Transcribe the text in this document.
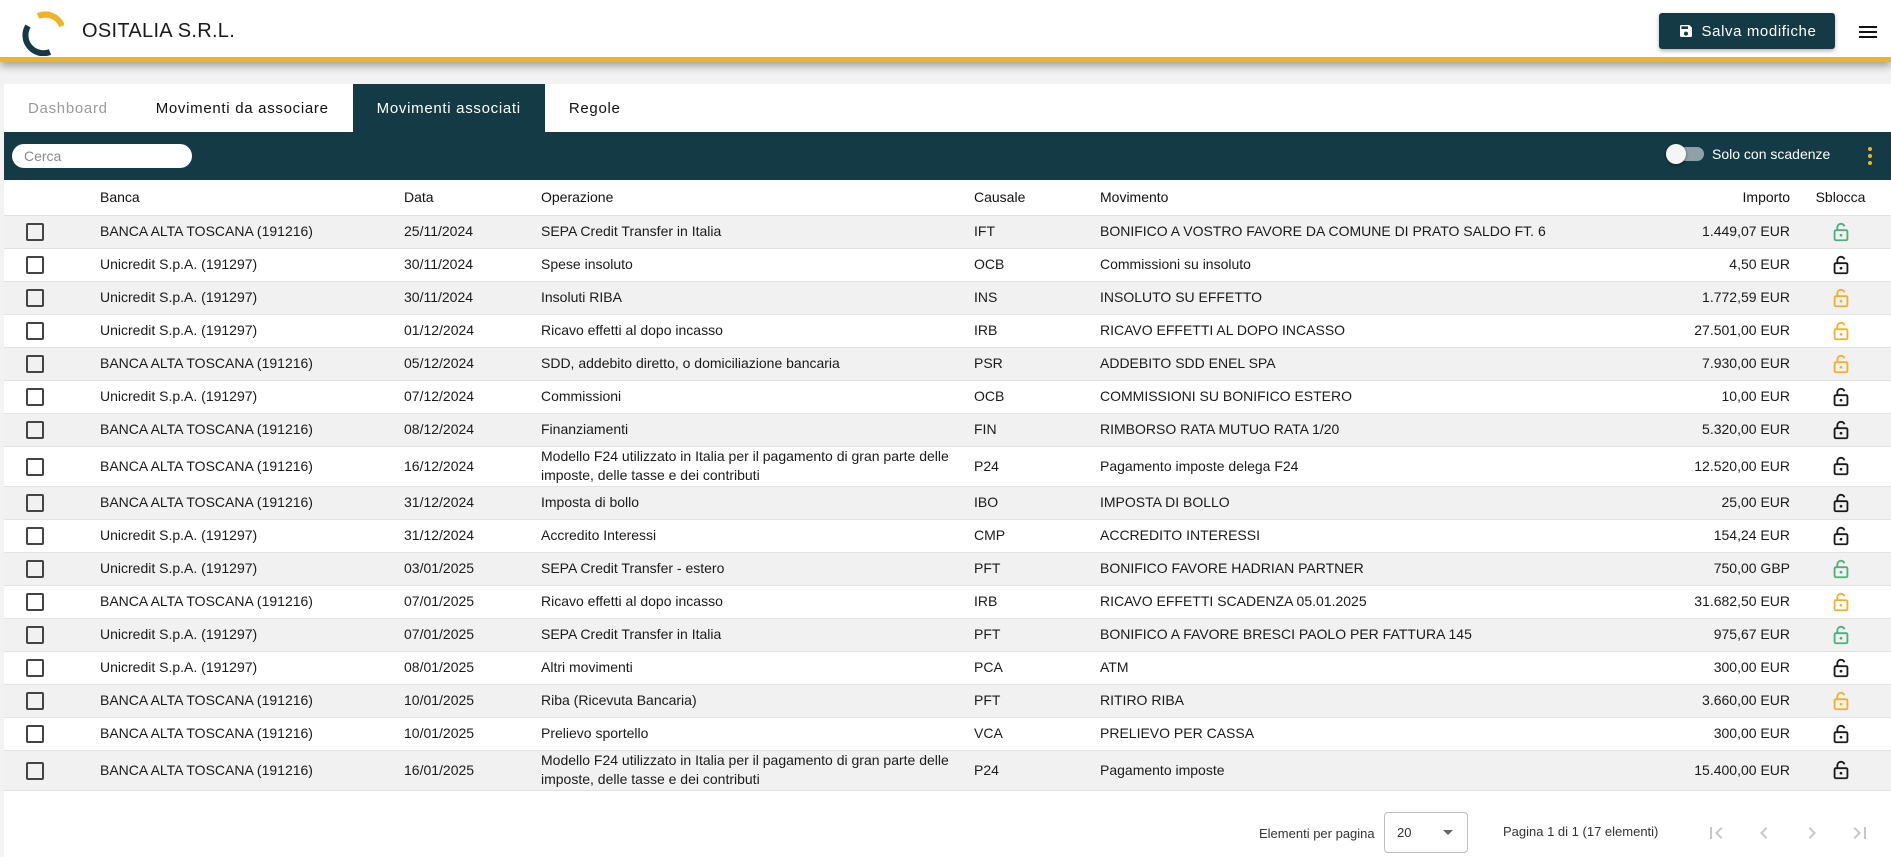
OSITALIA S.R.L.	Salva modifiche
Dashboard	Movimenti da associare	Movimenti associati	Regole
Cerca
Solo con scadenze
	Banca	Data	Operazione	Causale	Movimento	Importo	Sblocca
	BANCA ALTA TOSCANA (191216)	25/11/2024	SEPA Credit Transfer in Italia	IFT	BONIFICO A VOSTRO FAVORE DA COMUNE DI PRATO SALDO FT. 6	1.449,07 EUR	
	Unicredit S.p.A. (191297)	30/11/2024	Spese insoluto	OCB	Commissioni su insoluto	4,50 EUR	
	Unicredit S.p.A. (191297)	30/11/2024	Insoluti RIBA	INS	INSOLUTO SU EFFETTO	1.772,59 EUR	
	Unicredit S.p.A. (191297)	01/12/2024	Ricavo effetti al dopo incasso	IRB	RICAVO EFFETTI AL DOPO INCASSO	27.501,00 EUR	
	BANCA ALTA TOSCANA (191216)	05/12/2024	SDD, addebito diretto, o domiciliazione bancaria	PSR	ADDEBITO SDD ENEL SPA	7.930,00 EUR	
	Unicredit S.p.A. (191297)	07/12/2024	Commissioni	OCB	COMMISSIONI SU BONIFICO ESTERO	10,00 EUR	
	BANCA ALTA TOSCANA (191216)	08/12/2024	Finanziamenti	FIN	RIMBORSO RATA MUTUO RATA 1/20	5.320,00 EUR	
	BANCA ALTA TOSCANA (191216)	16/12/2024	Modello F24 utilizzato in Italia per il pagamento di gran parte delle imposte, delle tasse e dei contributi	P24	Pagamento imposte delega F24	12.520,00 EUR	
	BANCA ALTA TOSCANA (191216)	31/12/2024	Imposta di bollo	IBO	IMPOSTA DI BOLLO	25,00 EUR	
	Unicredit S.p.A. (191297)	31/12/2024	Accredito Interessi	CMP	ACCREDITO INTERESSI	154,24 EUR	
	Unicredit S.p.A. (191297)	03/01/2025	SEPA Credit Transfer - estero	PFT	BONIFICO FAVORE HADRIAN PARTNER	750,00 GBP	
	BANCA ALTA TOSCANA (191216)	07/01/2025	Ricavo effetti al dopo incasso	IRB	RICAVO EFFETTI SCADENZA 05.01.2025	31.682,50 EUR	
	Unicredit S.p.A. (191297)	07/01/2025	SEPA Credit Transfer in Italia	PFT	BONIFICO A FAVORE BRESCI PAOLO PER FATTURA 145	975,67 EUR	
	Unicredit S.p.A. (191297)	08/01/2025	Altri movimenti	PCA	ATM	300,00 EUR	
	BANCA ALTA TOSCANA (191216)	10/01/2025	Riba (Ricevuta Bancaria)	PFT	RITIRO RIBA	3.660,00 EUR	
	BANCA ALTA TOSCANA (191216)	10/01/2025	Prelievo sportello	VCA	PRELIEVO PER CASSA	300,00 EUR	
	BANCA ALTA TOSCANA (191216)	16/01/2025	Modello F24 utilizzato in Italia per il pagamento di gran parte delle imposte, delle tasse e dei contributi	P24	Pagamento imposte	15.400,00 EUR	
Elementi per pagina 20	Pagina 1 di 1 (17 elementi)
